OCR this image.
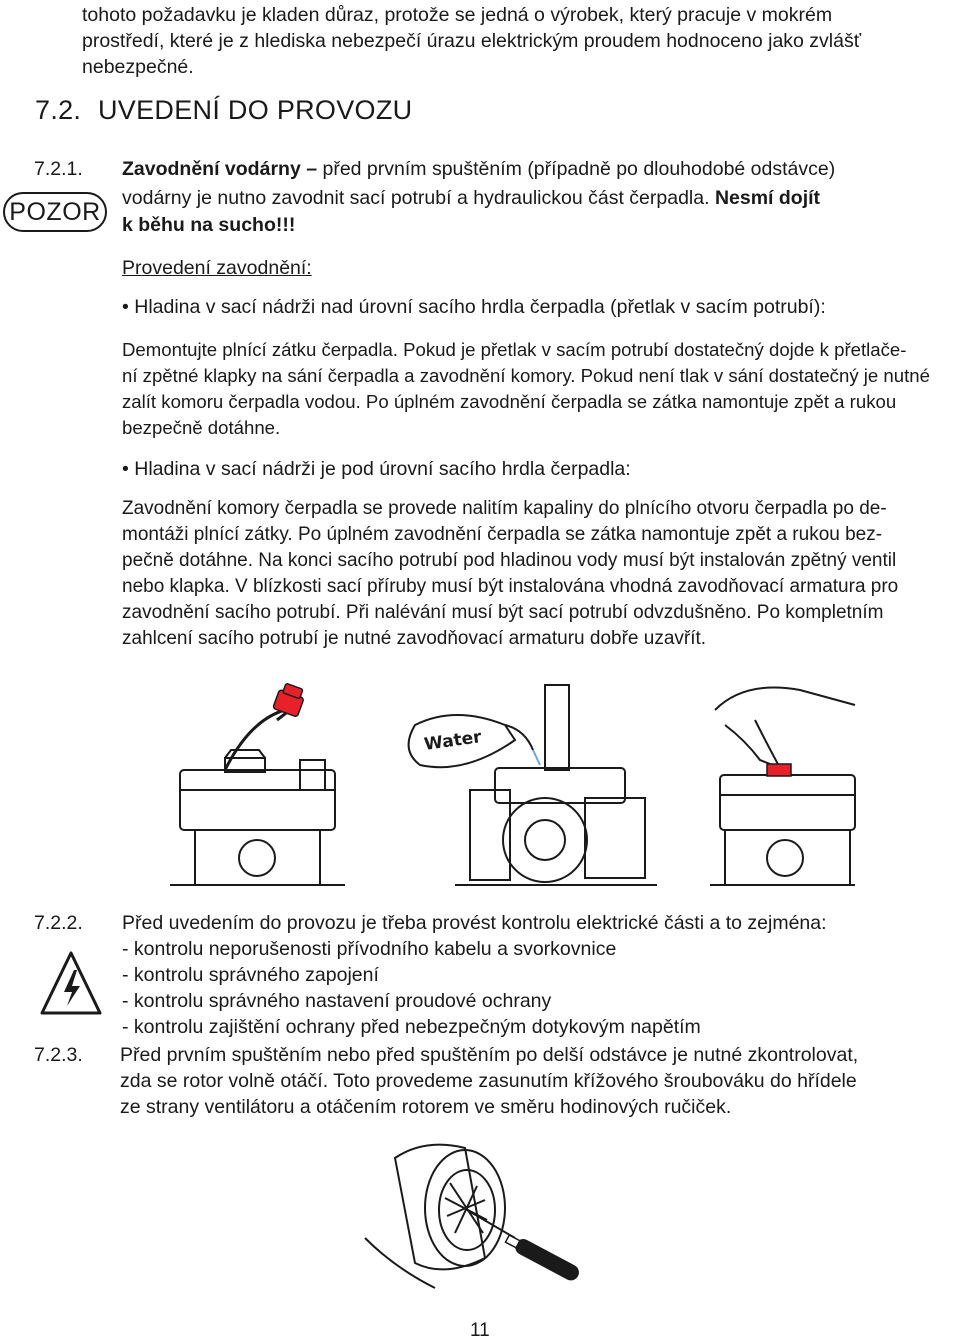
tohoto požadavku je kladen důraz, protože se jedná o výrobek, který pracuje v mokrém
prostředí, které je z hlediska nebezpečí úrazu elektrickým proudem hodnoceno jako zvlášť
nebezpečné.
7.2. UVEDENÍ DO PROVOZU
7.2.1.
POZOR
Zavodnění vodárny – před prvním spuštěním (případně po dlouhodobé odstávce)
vodárny je nutno zavodnit sací potrubí a hydraulickou část čerpadla. Nesmí dojít
k běhu na sucho!!!
Provedení zavodnění:
• Hladina v sací nádrži nad úrovní sacího hrdla čerpadla (přetlak v sacím potrubí):
Demontujte plnící zátku čerpadla. Pokud je přetlak v sacím potrubí dostatečný dojde k přetlače-
ní zpětné klapky na sání čerpadla a zavodnění komory. Pokud není tlak v sání dostatečný je nutné
zalít komoru čerpadla vodou. Po úplném zavodnění čerpadla se zátka namontuje zpět a rukou
bezpečně dotáhne.
• Hladina v sací nádrži je pod úrovní sacího hrdla čerpadla:
Zavodnění komory čerpadla se provede nalitím kapaliny do plnícího otvoru čerpadla po de-
montáži plnící zátky. Po úplném zavodnění čerpadla se zátka namontuje zpět a rukou bez-
pečně dotáhne. Na konci sacího potrubí pod hladinou vody musí být instalován zpětný ventil
nebo klapka. V blízkosti sací příruby musí být instalována vhodná zavodňovací armatura pro
zavodnění sacího potrubí. Při nalévání musí být sací potrubí odvzdušněno. Po kompletním
zahlcení sacího potrubí je nutné zavodňovací armaturu dobře uzavřít.
Water
7.2.2. Před uvedením do provozu je třeba provést kontrolu elektrické části a to zejména:
- kontrolu neporušenosti přívodního kabelu a svorkovnice
- kontrolu správného zapojení
- kontrolu správného nastavení proudové ochrany
- kontrolu zajištění ochrany před nebezpečným dotykovým napětím
7.2.3. Před prvním spuštěním nebo před spuštěním po delší odstávce je nutné zkontrolovat,
zda se rotor volně otáčí. Toto provedeme zasunutím křížového šroubováku do hřídele
ze strany ventilátoru a otáčením rotorem ve směru hodinových ručiček.
11
